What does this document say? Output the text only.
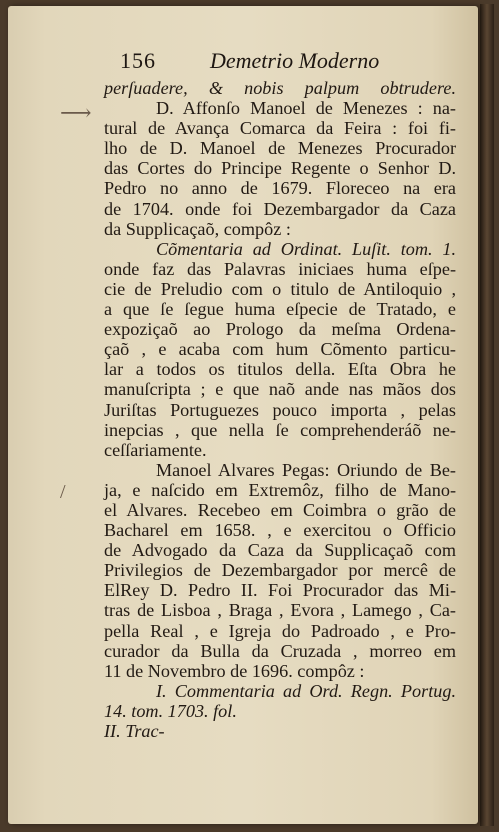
156 Demetrio Moderno
⟶
/
perſuadere, & nobis palpum obtrudere.
D. Affonſo Manoel de Menezes : na-
tural de Avança Comarca da Feira : foi fi-
lho de D. Manoel de Menezes Procurador
das Cortes do Principe Regente o Senhor D.
Pedro no anno de 1679. Floreceo na era
de 1704. onde foi Dezembargador da Caza
da Supplicaçaõ, compôz :
Cõmentaria ad Ordinat. Luſit. tom. 1.
onde faz das Palavras iniciaes huma eſpe-
cie de Preludio com o titulo de Antiloquio ,
a que ſe ſegue huma eſpecie de Tratado, e
expoziçaõ ao Prologo da meſma Ordena-
çaõ , e acaba com hum Cõmento particu-
lar a todos os titulos della. Eſta Obra he
manuſcripta ; e que naõ ande nas mãos dos
Juriſtas Portuguezes pouco importa , pelas
inepcias , que nella ſe comprehenderáõ ne-
ceſſariamente.
Manoel Alvares Pegas: Oriundo de Be-
ja, e naſcido em Extremôz, filho de Mano-
el Alvares. Recebeo em Coimbra o grão de
Bacharel em 1658. , e exercitou o Officio
de Advogado da Caza da Supplicaçaõ com
Privilegios de Dezembargador por mercê de
ElRey D. Pedro II. Foi Procurador das Mi-
tras de Lisboa , Braga , Evora , Lamego , Ca-
pella Real , e Igreja do Padroado , e Pro-
curador da Bulla da Cruzada , morreo em
11 de Novembro de 1696. compôz :
I. Commentaria ad Ord. Regn. Portug.
14. tom. 1703. fol.
II. Trac-
